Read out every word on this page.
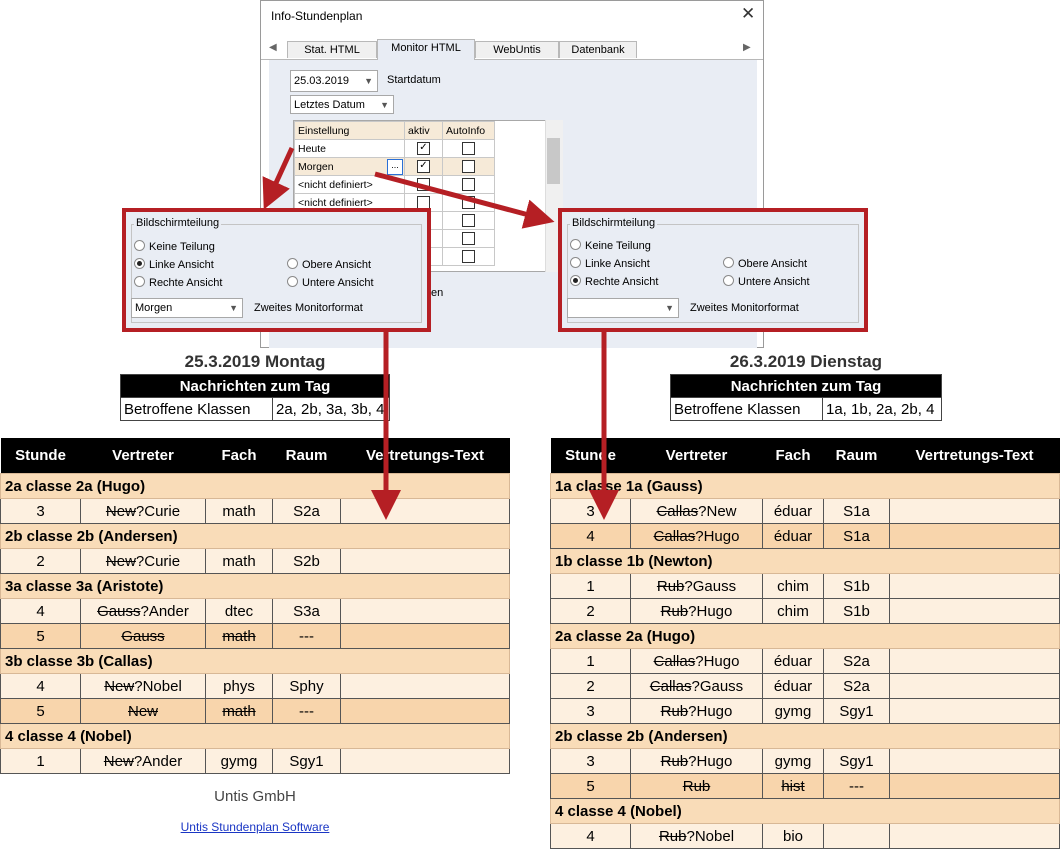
Info-Stundenplan	✕
◀	Stat. HTML	Monitor HTML	WebUntis	Datenbank	▶
25.03.2019 ▼ Startdatum
Letztes Datum ▼
Einstellung	aktiv	AutoInfo
Heute	✓	
Morgen ...	✓	
<nicht definiert>		
<nicht definiert>		

en
Bildschirmteilung
Keine Teilung
Linke Ansicht
Rechte Ansicht
Obere Ansicht
Untere Ansicht
Morgen	▼ Zweites Monitorformat
Bildschirmteilung
Keine Teilung
Linke Ansicht
Rechte Ansicht
Obere Ansicht
Untere Ansicht
▼ Zweites Monitorformat
25.3.2019 Montag
Nachrichten zum Tag
Betroffene Klassen	2a, 2b, 3a, 3b, 4
26.3.2019 Dienstag
Nachrichten zum Tag
Betroffene Klassen	1a, 1b, 2a, 2b, 4
Stunde	Vertreter	Fach	Raum	Vertretungs-Text
2a classe 2a (Hugo)				
3	New?Curie	math	S2a	
2b classe 2b (Andersen)				
2	New?Curie	math	S2b	
3a classe 3a (Aristote)				
4	Gauss?Ander	dtec	S3a	
5	Gauss	math	---	
3b classe 3b (Callas)				
4	New?Nobel	phys	Sphy	
5	New	math	---	
4 classe 4 (Nobel)				
1	New?Ander	gymg	Sgy1	
Stunde	Vertreter	Fach	Raum	Vertretungs-Text
1a classe 1a (Gauss)				
3	Callas?New	éduar	S1a	
4	Callas?Hugo	éduar	S1a	
1b classe 1b (Newton)				
1	Rub?Gauss	chim	S1b	
2	Rub?Hugo	chim	S1b	
2a classe 2a (Hugo)				
1	Callas?Hugo	éduar	S2a	
2	Callas?Gauss	éduar	S2a	
3	Rub?Hugo	gymg	Sgy1	
2b classe 2b (Andersen)				
3	Rub?Hugo	gymg	Sgy1	
5	Rub	hist	---	
4 classe 4 (Nobel)				
4	Rub?Nobel	bio		
Untis GmbH
Untis Stundenplan Software
